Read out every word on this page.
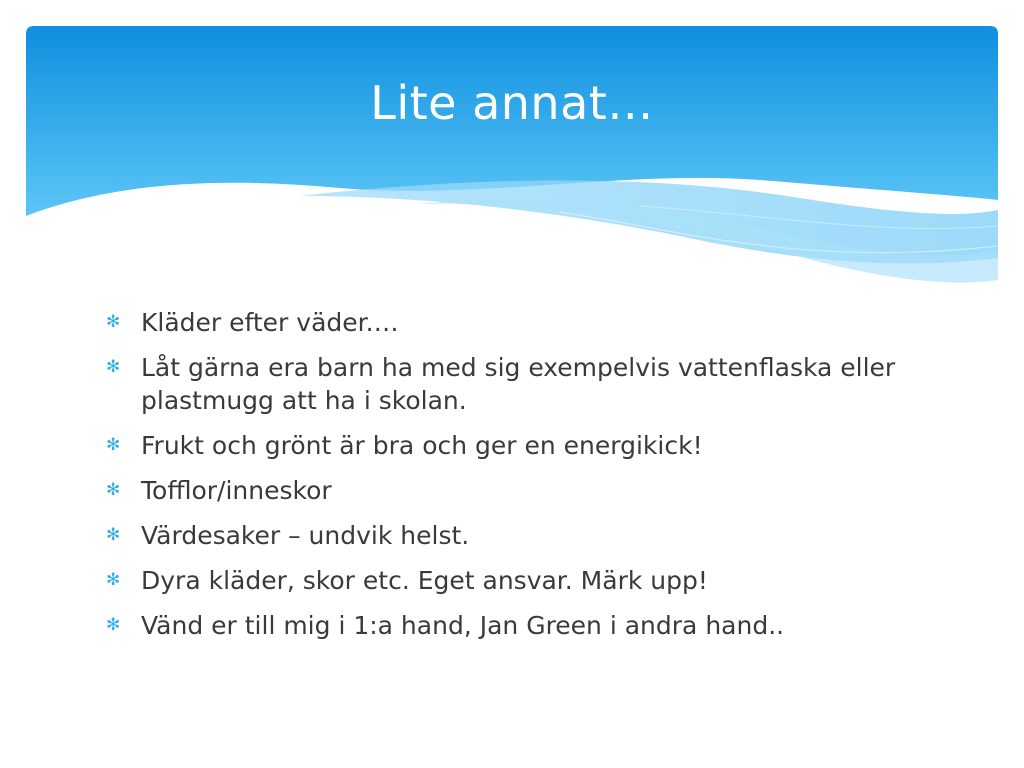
Lite annat…
✻ Kläder efter väder.…
✻ Låt gärna era barn ha med sig exempelvis vattenflaska eller plastmugg att ha i skolan.
✻ Frukt och grönt är bra och ger en energikick!
✻ Tofflor/inneskor
✻ Värdesaker – undvik helst.
✻ Dyra kläder, skor etc. Eget ansvar. Märk upp!
✻ Vänd er till mig i 1:a hand, Jan Green i andra hand..
